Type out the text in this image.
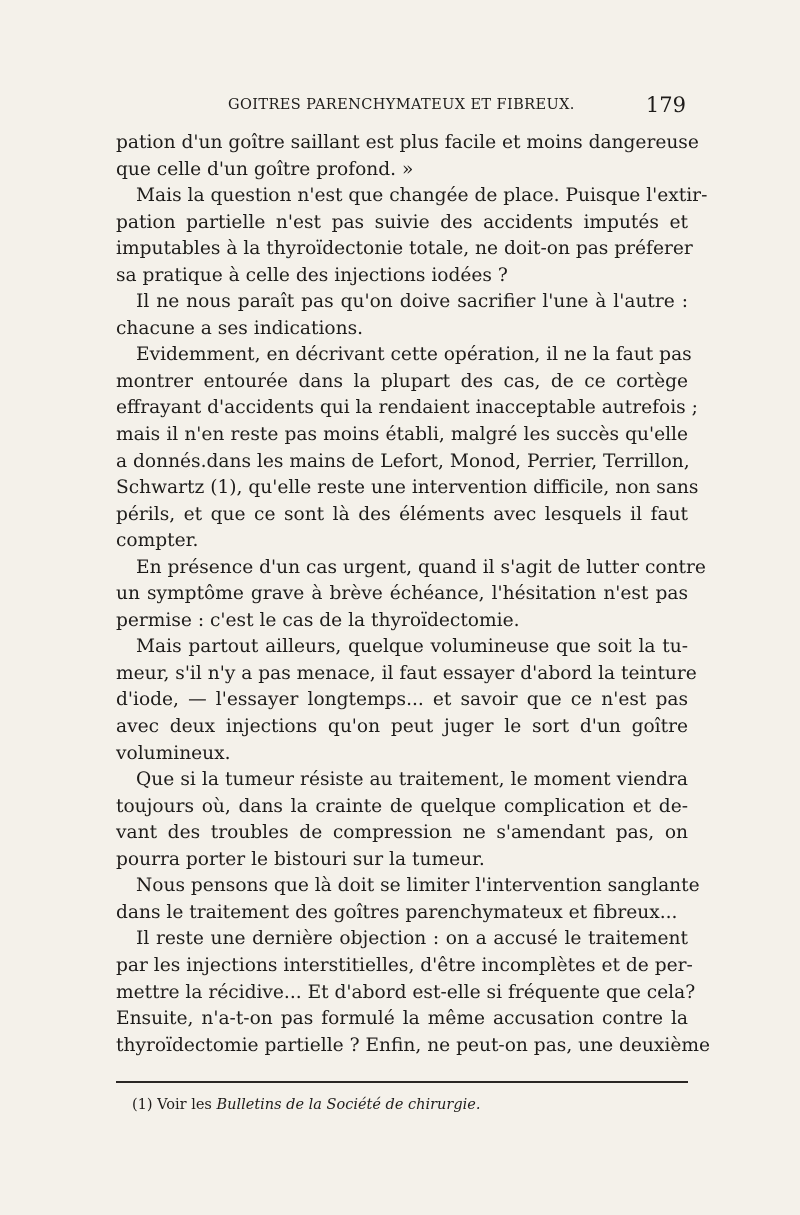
GOITRES PARENCHYMATEUX ET FIBREUX.	179

pation d'un goître saillant est plus facile et moins dangereuse
que celle d'un goître profond. »

Mais la question n'est que changée de place. Puisque l'extir-
pation partielle n'est pas suivie des accidents imputés et
imputables à la thyroïdectonie totale, ne doit-on pas préferer
sa pratique à celle des injections iodées ?

Il ne nous paraît pas qu'on doive sacrifier l'une à l'autre :
chacune a ses indications.

Evidemment, en décrivant cette opération, il ne la faut pas
montrer entourée dans la plupart des cas, de ce cortège
effrayant d'accidents qui la rendaient inacceptable autrefois ;
mais il n'en reste pas moins établi, malgré les succès qu'elle
a donnés.dans les mains de Lefort, Monod, Perrier, Terrillon,
Schwartz (1), qu'elle reste une intervention difficile, non sans
périls, et que ce sont là des éléments avec lesquels il faut
compter.

En présence d'un cas urgent, quand il s'agit de lutter contre
un symptôme grave à brève échéance, l'hésitation n'est pas
permise : c'est le cas de la thyroïdectomie.

Mais partout ailleurs, quelque volumineuse que soit la tu-
meur, s'il n'y a pas menace, il faut essayer d'abord la teinture
d'iode, — l'essayer longtemps... et savoir que ce n'est pas
avec deux injections qu'on peut juger le sort d'un goître
volumineux.

Que si la tumeur résiste au traitement, le moment viendra
toujours où, dans la crainte de quelque complication et de-
vant des troubles de compression ne s'amendant pas, on
pourra porter le bistouri sur la tumeur.

Nous pensons que là doit se limiter l'intervention sanglante
dans le traitement des goîtres parenchymateux et fibreux...

Il reste une dernière objection : on a accusé le traitement
par les injections interstitielles, d'être incomplètes et de per-
mettre la récidive... Et d'abord est-elle si fréquente que cela?
Ensuite, n'a-t-on pas formulé la même accusation contre la
thyroïdectomie partielle ? Enfin, ne peut-on pas, une deuxième

(1) Voir les Bulletins de la Société de chirurgie.
